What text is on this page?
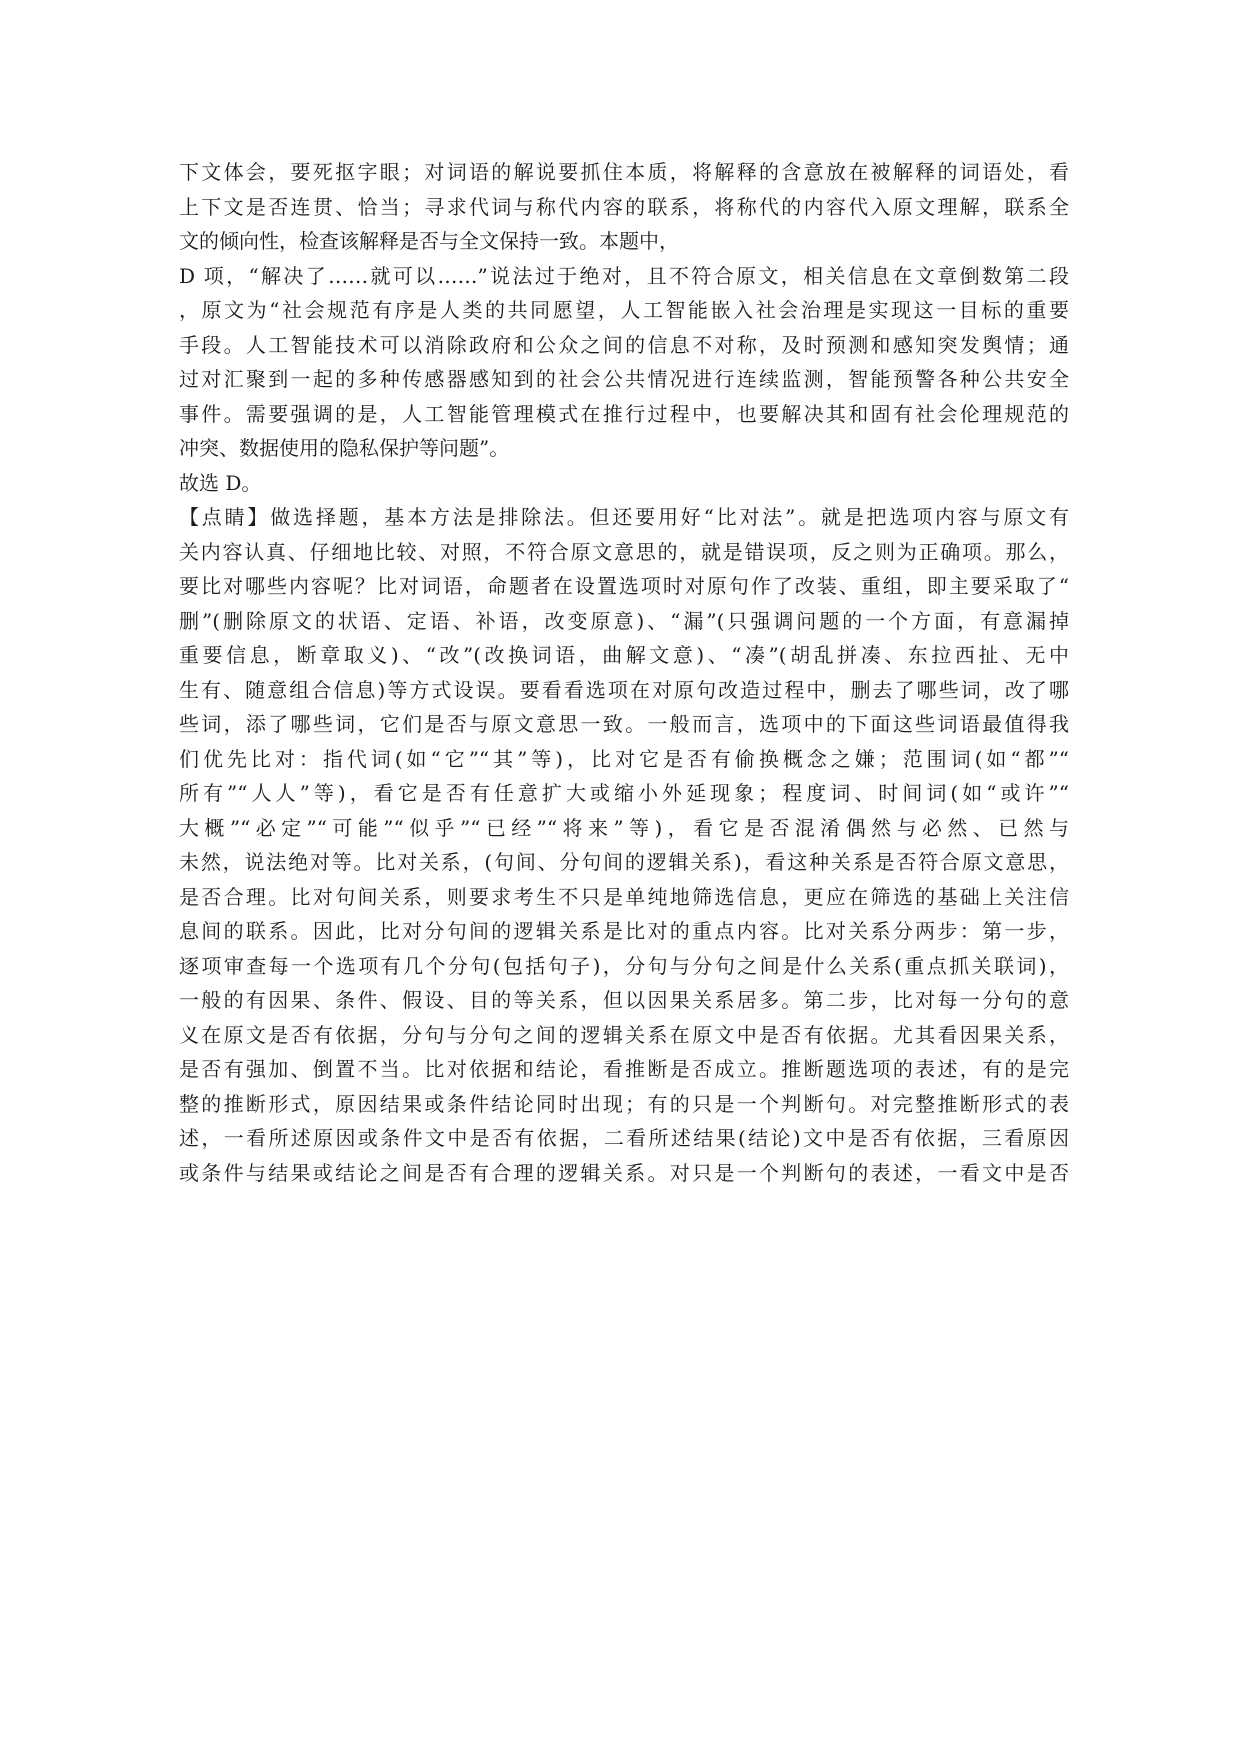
下文体会，要死抠字眼；对词语的解说要抓住本质，将解释的含意放在被解释的词语处，看
上下文是否连贯、恰当；寻求代词与称代内容的联系，将称代的内容代入原文理解，联系全
文的倾向性，检查该解释是否与全文保持一致。本题中，
D 项，“解决了……就可以……”说法过于绝对，且不符合原文，相关信息在文章倒数第二段
，原文为“社会规范有序是人类的共同愿望，人工智能嵌入社会治理是实现这一目标的重要
手段。人工智能技术可以消除政府和公众之间的信息不对称，及时预测和感知突发舆情；通
过对汇聚到一起的多种传感器感知到的社会公共情况进行连续监测，智能预警各种公共安全
事件。需要强调的是，人工智能管理模式在推行过程中，也要解决其和固有社会伦理规范的
冲突、数据使用的隐私保护等问题”。
故选 D。
【点睛】做选择题，基本方法是排除法。但还要用好“比对法”。就是把选项内容与原文有
关内容认真、仔细地比较、对照，不符合原文意思的，就是错误项，反之则为正确项。那么，
要比对哪些内容呢？比对词语，命题者在设置选项时对原句作了改装、重组，即主要采取了“
删”(删除原文的状语、定语、补语，改变原意)、“漏”(只强调问题的一个方面，有意漏掉
重要信息，断章取义)、“改”(改换词语，曲解文意)、“凑”(胡乱拼凑、东拉西扯、无中
生有、随意组合信息)等方式设误。要看看选项在对原句改造过程中，删去了哪些词，改了哪
些词，添了哪些词，它们是否与原文意思一致。一般而言，选项中的下面这些词语最值得我
们优先比对：指代词(如“它”“其”等)，比对它是否有偷换概念之嫌；范围词(如“都”“
所有”“人人”等)，看它是否有任意扩大或缩小外延现象；程度词、时间词(如“或许”“
大概”“必定”“可能”“似乎”“已经”“将来”等)，看它是否混淆偶然与必然、已然与
未然，说法绝对等。比对关系，(句间、分句间的逻辑关系)，看这种关系是否符合原文意思，
是否合理。比对句间关系，则要求考生不只是单纯地筛选信息，更应在筛选的基础上关注信
息间的联系。因此，比对分句间的逻辑关系是比对的重点内容。比对关系分两步：第一步，
逐项审查每一个选项有几个分句(包括句子)，分句与分句之间是什么关系(重点抓关联词)，
一般的有因果、条件、假设、目的等关系，但以因果关系居多。第二步，比对每一分句的意
义在原文是否有依据，分句与分句之间的逻辑关系在原文中是否有依据。尤其看因果关系，
是否有强加、倒置不当。比对依据和结论，看推断是否成立。推断题选项的表述，有的是完
整的推断形式，原因结果或条件结论同时出现；有的只是一个判断句。对完整推断形式的表
述，一看所述原因或条件文中是否有依据，二看所述结果(结论)文中是否有依据，三看原因
或条件与结果或结论之间是否有合理的逻辑关系。对只是一个判断句的表述，一看文中是否
